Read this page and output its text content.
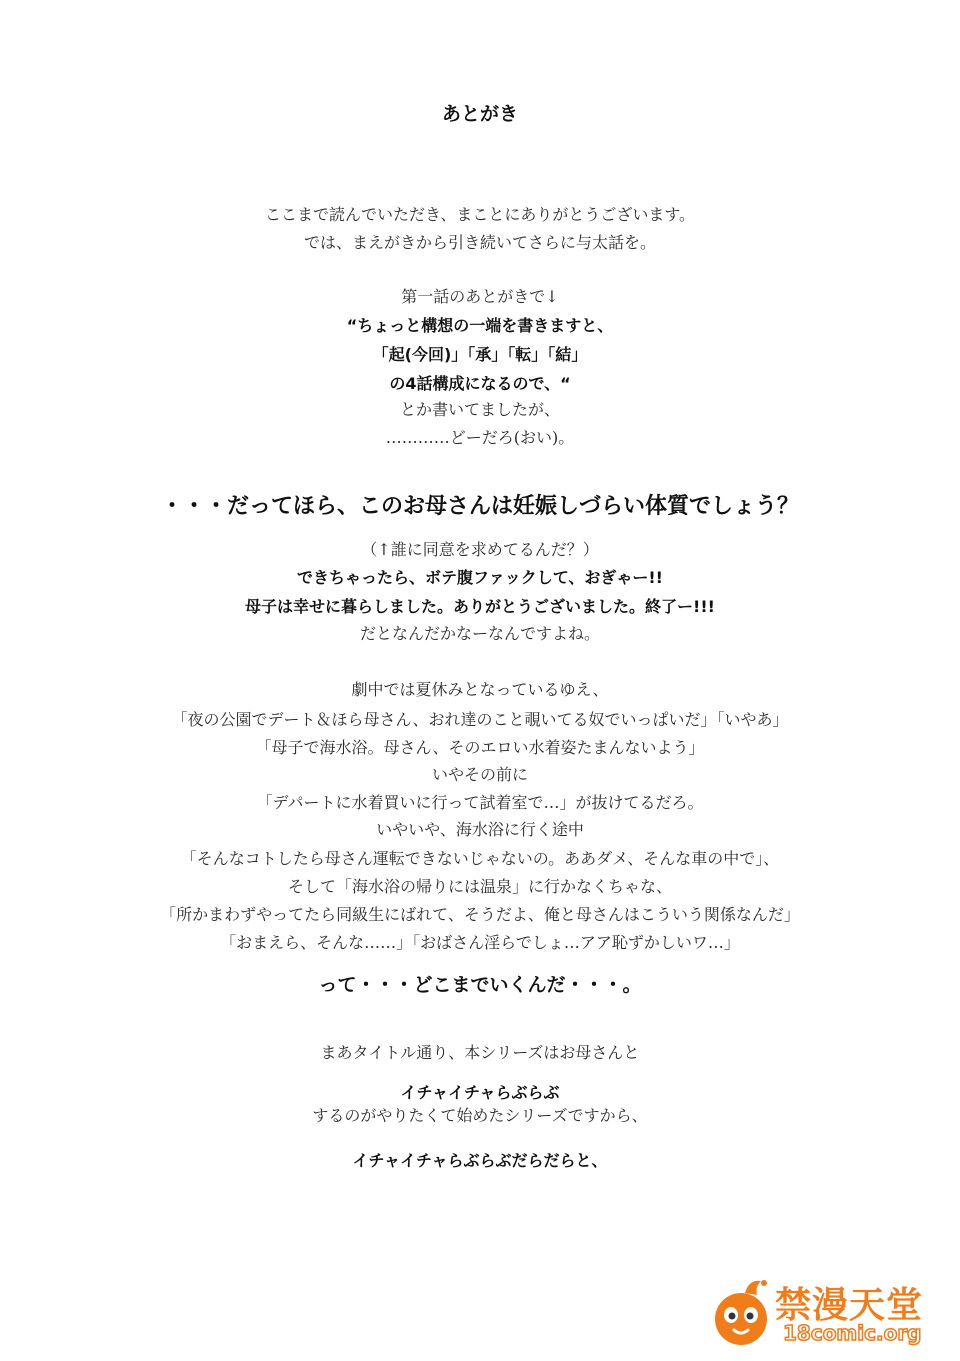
あとがき
ここまで読んでいただき、まことにありがとうございます。
では、まえがきから引き続いてさらに与太話を。
第一話のあとがきで↓
“ちょっと構想の一端を書きますと、
「起(今回)」「承」「転」「結」
の4話構成になるので、“
とか書いてましたが、
…………どーだろ(おい)。
・・・だってほら、このお母さんは妊娠しづらい体質でしょう？
（↑誰に同意を求めてるんだ？）
できちゃったら、ボテ腹ファックして、おぎゃー!!
母子は幸せに暮らしました。ありがとうございました。終了ー!!!
だとなんだかなーなんですよね。
劇中では夏休みとなっているゆえ、
「夜の公園でデート＆ほら母さん、おれ達のこと覗いてる奴でいっぱいだ」「いやあ」
「母子で海水浴。母さん、そのエロい水着姿たまんないよう」
いやその前に
「デパートに水着買いに行って試着室で…」が抜けてるだろ。
いやいや、海水浴に行く途中
「そんなコトしたら母さん運転できないじゃないの。ああダメ、そんな車の中で」、
そして「海水浴の帰りには温泉」に行かなくちゃな、
「所かまわずやってたら同級生にばれて、そうだよ、俺と母さんはこういう関係なんだ」
「おまえら、そんな……」「おばさん淫らでしょ…アア恥ずかしいワ…」
って・・・どこまでいくんだ・・・。
まあタイトル通り、本シリーズはお母さんと
イチャイチャらぶらぶ
するのがやりたくて始めたシリーズですから、
イチャイチャらぶらぶだらだらと、
禁漫天堂
18comic.org
